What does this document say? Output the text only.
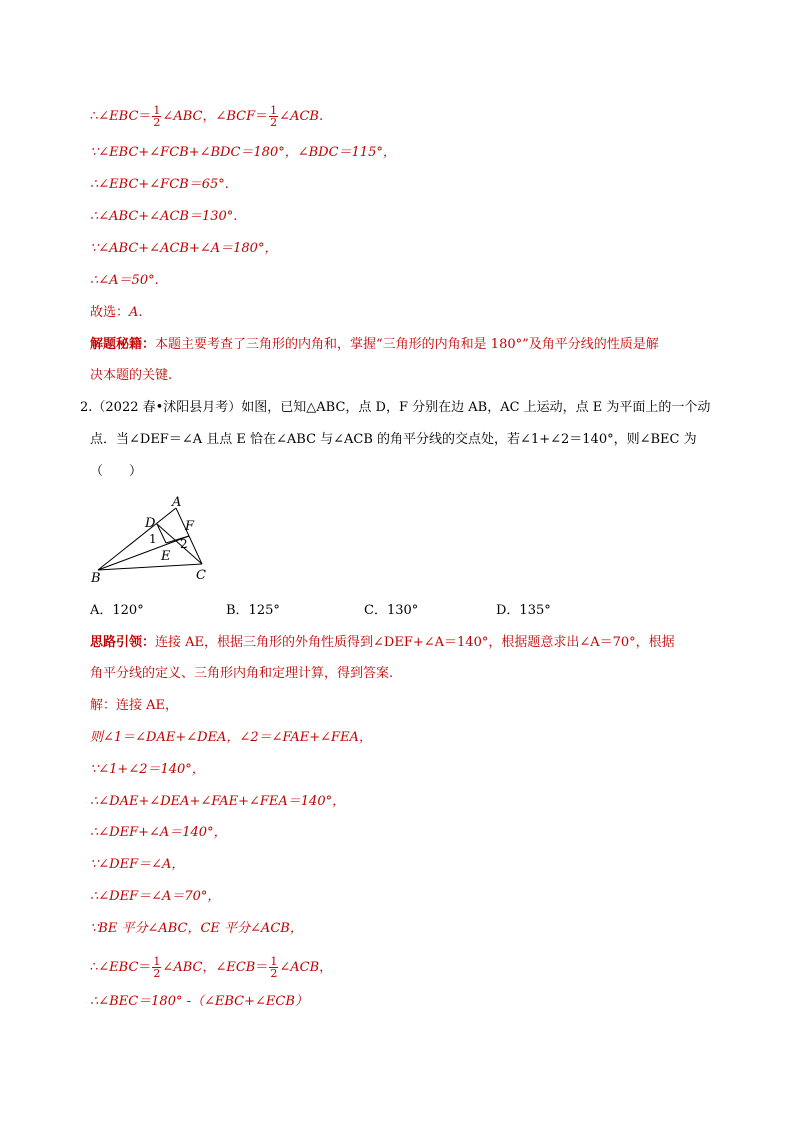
∴∠EBC＝ $\frac{1}{2}$ ∠ABC，∠BCF＝ $\frac{1}{2}$ ∠ACB.
∵∠EBC+∠FCB+∠BDC＝180°，∠BDC＝115°，
∴∠EBC+∠FCB＝65°.
∴∠ABC+∠ACB＝130°.
∵∠ABC+∠ACB+∠A＝180°，
∴∠A＝50°.
故选：A.
解题秘籍：本题主要考查了三角形的内角和，掌握“三角形的内角和是 180°”及角平分线的性质是解
决本题的关键.
2.（2022 春•沭阳县月考）如图，已知△ABC，点 D，F 分别在边 AB，AC 上运动，点 E 为平面上的一个动
点．当∠DEF＝∠A 且点 E 恰在∠ABC 与∠ACB 的角平分线的交点处，若∠1+∠2＝140°，则∠BEC 为
（　　）
A
B	C
D
E
F
1 2
A．120°	B．125°	C．130°	D．135°
思路引领：连接 AE，根据三角形的外角性质得到∠DEF+∠A＝140°，根据题意求出∠A＝70°，根据
角平分线的定义、三角形内角和定理计算，得到答案.
解：连接 AE，
则∠1＝∠DAE+∠DEA，∠2＝∠FAE+∠FEA，
∵∠1+∠2＝140°，
∴∠DAE+∠DEA+∠FAE+∠FEA＝140°，
∴∠DEF+∠A＝140°，
∵∠DEF＝∠A，
∴∠DEF＝∠A＝70°，
∵BE 平分∠ABC，CE 平分∠ACB，
∴∠EBC＝ $\frac{1}{2}$ ∠ABC，∠ECB＝ $\frac{1}{2}$ ∠ACB，
∴∠BEC＝180° -（∠EBC+∠ECB）
